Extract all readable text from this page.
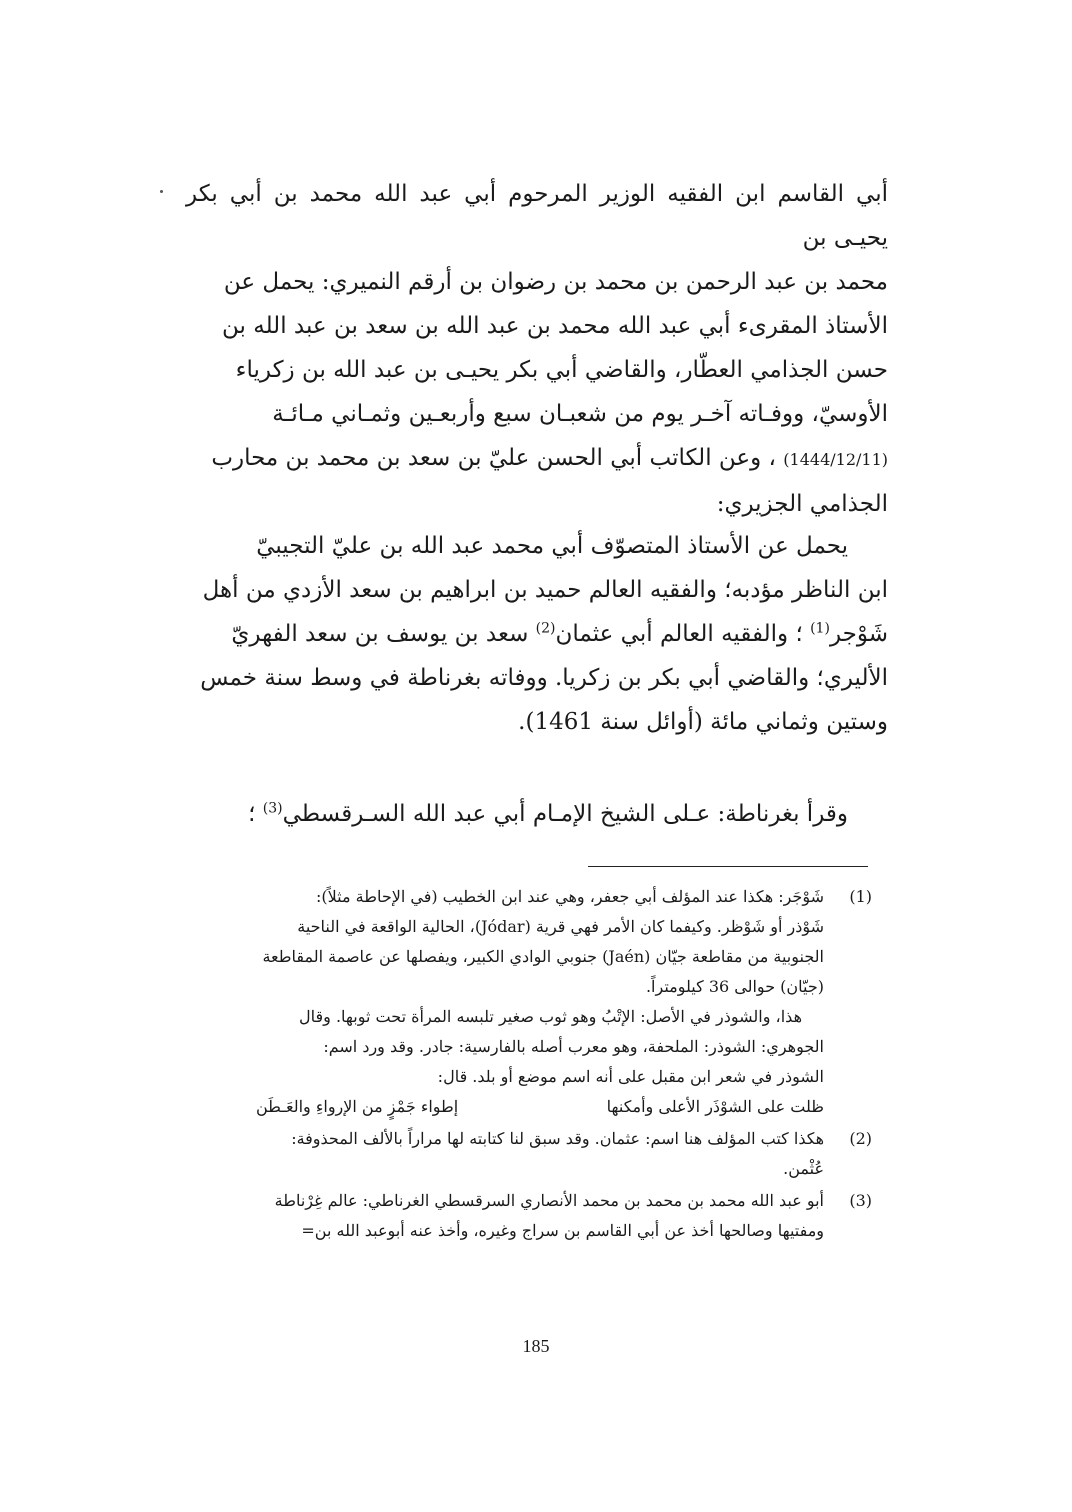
أبي القاسم ابن الفقيه الوزير المرحوم أبي عبد الله محمد بن أبي بكر يحيـى بن
محمد بن عبد الرحمن بن محمد بن رضوان بن أرقم النميري: يحمل عن
الأستاذ المقرىء أبي عبد الله محمد بن عبد الله بن سعد بن عبد الله بن
حسن الجذامي العطّار، والقاضي أبي بكر يحيـى بن عبد الله بن زكرياء
الأوسيّ، ووفـاته آخـر يوم من شعبـان سبع وأربعـين وثمـاني مـائـة
(1444/12/11) ، وعن الكاتب أبي الحسن عليّ بن سعد بن محمد بن محارب
الجذامي الجزيري:
يحمل عن الأستاذ المتصوّف أبي محمد عبد الله بن عليّ التجيبيّ
ابن الناظر مؤدبه؛ والفقيه العالم حميد بن ابراهيم بن سعد الأزدي من أهل
شَوْجر$^{(1)}$ ؛ والفقيه العالم أبي عثمان$^{(2)}$ سعد بن يوسف بن سعد الفهريّ
الأليري؛ والقاضي أبي بكر بن زكريا. ووفاته بغرناطة في وسط سنة خمس
وستين وثماني مائة (أوائل سنة 1461).
وقرأ بغرناطة: عـلى الشيخ الإمـام أبي عبد الله السـرقسطي$^{(3)}$ ؛
(1)
شَوْجَر: هكذا عند المؤلف أبي جعفر، وهي عند ابن الخطيب (في الإحاطة مثلاً):
شَوْذر أو شَوْظر. وكيفما كان الأمر فهي قرية (Jódar)، الحالية الواقعة في الناحية
الجنوبية من مقاطعة جيّان (Jaén) جنوبي الوادي الكبير، ويفصلها عن عاصمة المقاطعة
(جيّان) حوالى 36 كيلومتراً.
هذا، والشوذر في الأصل: الإتْبُ وهو ثوب صغير تلبسه المرأة تحت ثوبها. وقال
الجوهري: الشوذر: الملحفة، وهو معرب أصله بالفارسية: جادر. وقد ورد اسم:
الشوذر في شعر ابن مقبل على أنه اسم موضع أو بلد. قال:
ظلت على الشوْذَر الأعلى وأمكنها
إطواء جَمْزٍ من الإرواءِ والعَـطَن
(2)
هكذا كتب المؤلف هنا اسم: عثمان. وقد سبق لنا كتابته لها مراراً بالألف المحذوفة:
عُثْمن.
(3)
أبو عبد الله محمد بن محمد بن محمد الأنصاري السرقسطي الغرناطي: عالم غِرْناطة
ومفتيها وصالحها أخذ عن أبي القاسم بن سراج وغيره، وأخذ عنه أبوعبد الله بن=
185
